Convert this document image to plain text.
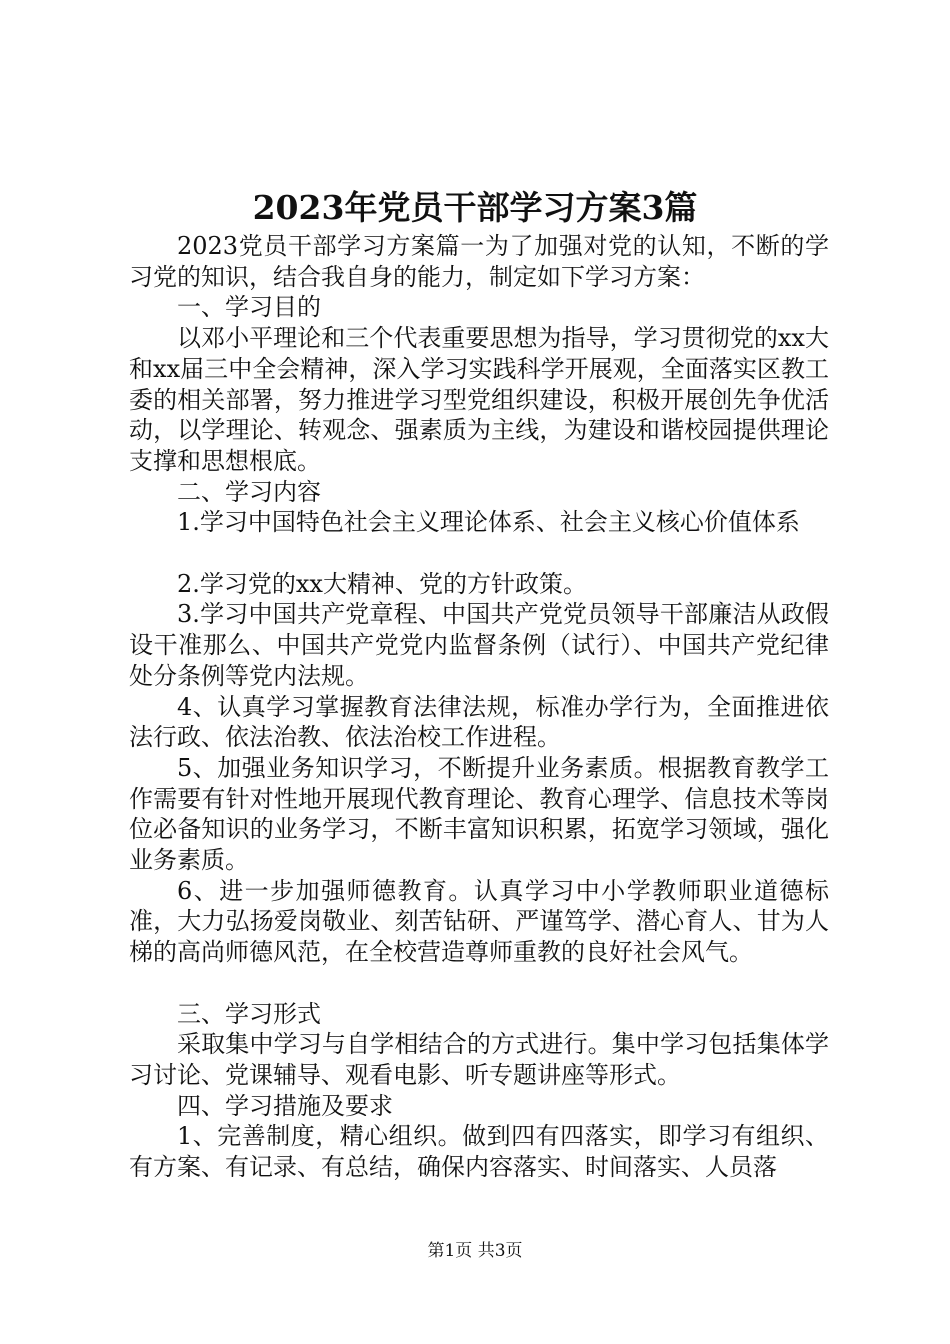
2023年党员干部学习方案3篇

2023党员干部学习方案篇一为了加强对党的认知，不断的学习党的知识，结合我自身的能力，制定如下学习方案：

一、学习目的

以邓小平理论和三个代表重要思想为指导，学习贯彻党的xx大和xx届三中全会精神，深入学习实践科学开展观，全面落实区教工委的相关部署，努力推进学习型党组织建设，积极开展创先争优活动，以学理论、转观念、强素质为主线，为建设和谐校园提供理论支撑和思想根底。

二、学习内容

1.学习中国特色社会主义理论体系、社会主义核心价值体系

2.学习党的xx大精神、党的方针政策。

3.学习中国共产党章程、中国共产党党员领导干部廉洁从政假设干准那么、中国共产党党内监督条例（试行）、中国共产党纪律处分条例等党内法规。

4、认真学习掌握教育法律法规，标准办学行为，全面推进依法行政、依法治教、依法治校工作进程。

5、加强业务知识学习，不断提升业务素质。根据教育教学工作需要有针对性地开展现代教育理论、教育心理学、信息技术等岗位必备知识的业务学习，不断丰富知识积累，拓宽学习领域，强化业务素质。

6、进一步加强师德教育。认真学习中小学教师职业道德标准，大力弘扬爱岗敬业、刻苦钻研、严谨笃学、潜心育人、甘为人梯的高尚师德风范，在全校营造尊师重教的良好社会风气。

三、学习形式

采取集中学习与自学相结合的方式进行。集中学习包括集体学习讨论、党课辅导、观看电影、听专题讲座等形式。

四、学习措施及要求

1、完善制度，精心组织。做到四有四落实，即学习有组织、有方案、有记录、有总结，确保内容落实、时间落实、人员落

第1页 共3页
